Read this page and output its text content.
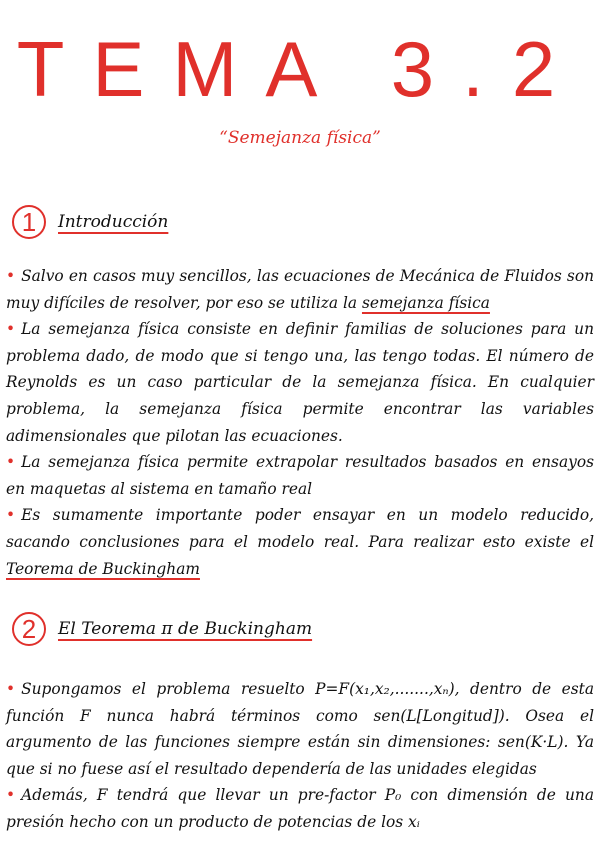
TEMA 3.2
“Semejanza física”
1	Introducción
• Salvo en casos muy sencillos, las ecuaciones de Mecánica de Fluidos son muy difíciles de resolver, por eso se utiliza la semejanza física
• La semejanza física consiste en definir familias de soluciones para un problema dado, de modo que si tengo una, las tengo todas. El número de Reynolds es un caso particular de la semejanza física. En cualquier problema, la semejanza física permite encontrar las variables adimensionales que pilotan las ecuaciones.
• La semejanza física permite extrapolar resultados basados en ensayos en maquetas al sistema en tamaño real
• Es sumamente importante poder ensayar en un modelo reducido, sacando conclusiones para el modelo real. Para realizar esto existe el Teorema de Buckingham
2	El Teorema π de Buckingham
• Supongamos el problema resuelto P=F(x₁,x₂,.......,xₙ), dentro de esta función F nunca habrá términos como sen(L[Longitud]). Osea el argumento de las funciones siempre están sin dimensiones: sen(K·L). Ya que si no fuese así el resultado dependería de las unidades elegidas
• Además, F tendrá que llevar un pre-factor P₀ con dimensión de una presión hecho con un producto de potencias de los xᵢ
